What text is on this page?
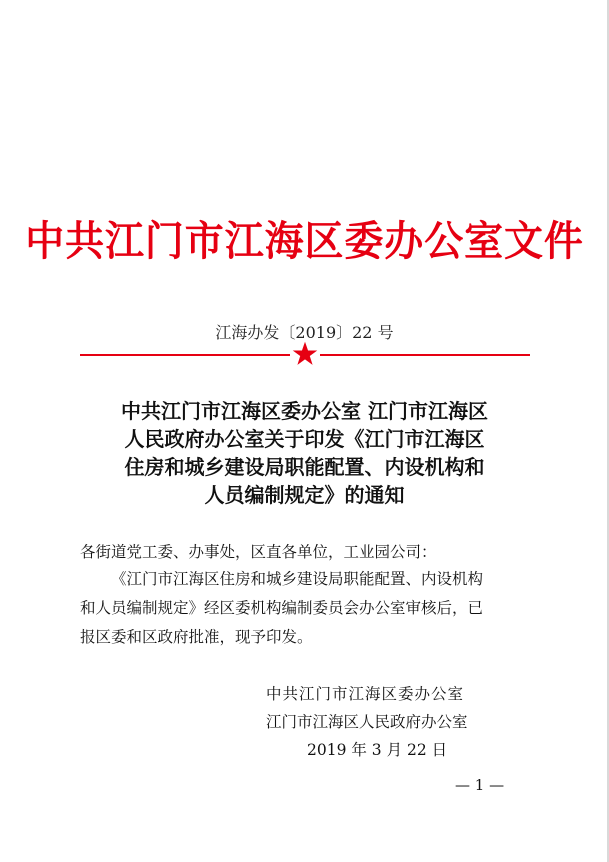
中共江门市江海区委办公室文件
江海办发〔2019〕22 号
中共江门市江海区委办公室 江门市江海区
人民政府办公室关于印发《江门市江海区
住房和城乡建设局职能配置、内设机构和
人员编制规定》的通知
各街道党工委、办事处，区直各单位，工业园公司：
《江门市江海区住房和城乡建设局职能配置、内设机构
和人员编制规定》经区委机构编制委员会办公室审核后，已
报区委和区政府批准，现予印发。
中共江门市江海区委办公室
江门市江海区人民政府办公室
2019 年 3 月 22 日
— 1 —
